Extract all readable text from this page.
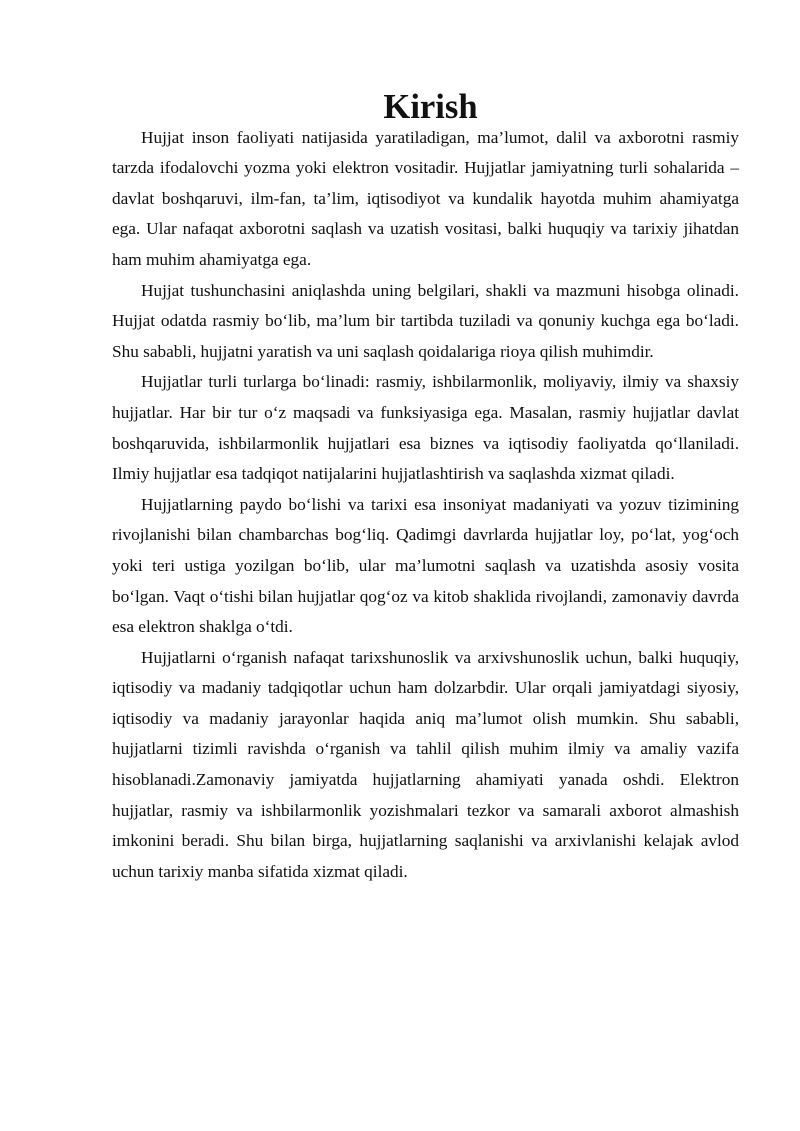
Kirish

Hujjat inson faoliyati natijasida yaratiladigan, ma’lumot, dalil va axborotni rasmiy tarzda ifodalovchi yozma yoki elektron vositadir. Hujjatlar jamiyatning turli sohalarida – davlat boshqaruvi, ilm-fan, ta’lim, iqtisodiyot va kundalik hayotda muhim ahamiyatga ega. Ular nafaqat axborotni saqlash va uzatish vositasi, balki huquqiy va tarixiy jihatdan ham muhim ahamiyatga ega.

Hujjat tushunchasini aniqlashda uning belgilari, shakli va mazmuni hisobga olinadi. Hujjat odatda rasmiy bo‘lib, ma’lum bir tartibda tuziladi va qonuniy kuchga ega bo‘ladi. Shu sababli, hujjatni yaratish va uni saqlash qoidalariga rioya qilish muhimdir.

Hujjatlar turli turlarga bo‘linadi: rasmiy, ishbilarmonlik, moliyaviy, ilmiy va shaxsiy hujjatlar. Har bir tur o‘z maqsadi va funksiyasiga ega. Masalan, rasmiy hujjatlar davlat boshqaruvida, ishbilarmonlik hujjatlari esa biznes va iqtisodiy faoliyatda qo‘llaniladi. Ilmiy hujjatlar esa tadqiqot natijalarini hujjatlashtirish va saqlashda xizmat qiladi.

Hujjatlarning paydo bo‘lishi va tarixi esa insoniyat madaniyati va yozuv tizimining rivojlanishi bilan chambarchas bog‘liq. Qadimgi davrlarda hujjatlar loy, po‘lat, yog‘och yoki teri ustiga yozilgan bo‘lib, ular ma’lumotni saqlash va uzatishda asosiy vosita bo‘lgan. Vaqt o‘tishi bilan hujjatlar qog‘oz va kitob shaklida rivojlandi, zamonaviy davrda esa elektron shaklga o‘tdi.

Hujjatlarni o‘rganish nafaqat tarixshunoslik va arxivshunoslik uchun, balki huquqiy, iqtisodiy va madaniy tadqiqotlar uchun ham dolzarbdir. Ular orqali jamiyatdagi siyosiy, iqtisodiy va madaniy jarayonlar haqida aniq ma’lumot olish mumkin. Shu sababli, hujjatlarni tizimli ravishda o‘rganish va tahlil qilish muhim ilmiy va amaliy vazifa hisoblanadi.Zamonaviy jamiyatda hujjatlarning ahamiyati yanada oshdi. Elektron hujjatlar, rasmiy va ishbilarmonlik yozishmalari tezkor va samarali axborot almashish imkonini beradi. Shu bilan birga, hujjatlarning saqlanishi va arxivlanishi kelajak avlod uchun tarixiy manba sifatida xizmat qiladi.
